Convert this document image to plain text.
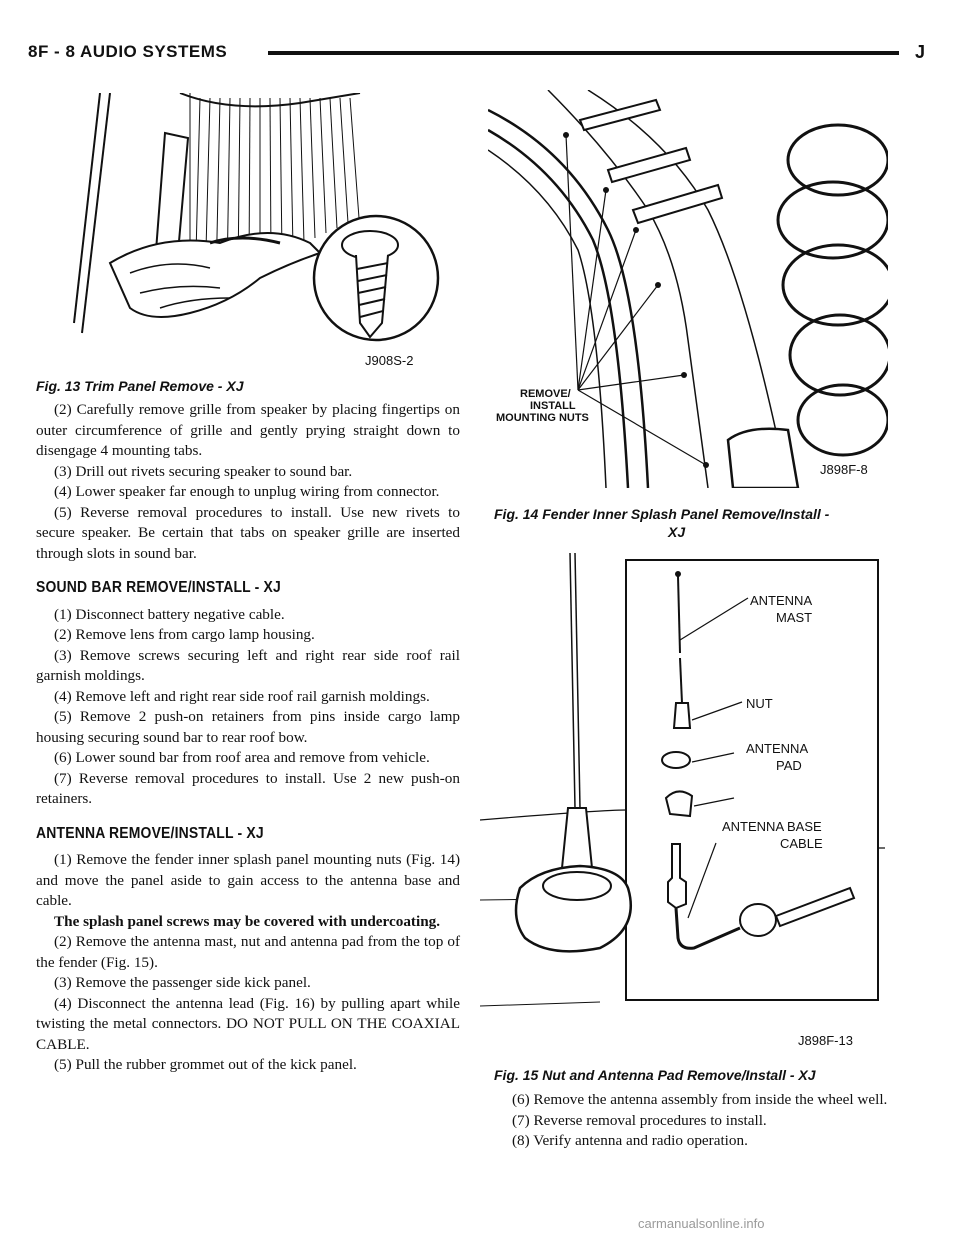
8F - 8 AUDIO SYSTEMS	J
J908S-2
Fig. 13 Trim Panel Remove - XJ	REMOVE/
INSTALL
MOUNTING NUTS
J898F-8
Fig. 14 Fender Inner Splash Panel Remove/Install -
XJ
ANTENNA
MAST
NUT
ANTENNA
PAD
ANTENNA BASE
CABLE
J898F-13
Fig. 15 Nut and Antenna Pad Remove/Install - XJ

(2) Carefully remove grille from speaker by placing fingertips on outer circumference of grille and gently prying straight down to disengage 4 mounting tabs.

(3) Drill out rivets securing speaker to sound bar.

(4) Lower speaker far enough to unplug wiring from connector.

(5) Reverse removal procedures to install. Use new rivets to secure speaker. Be certain that tabs on speaker grille are inserted through slots in sound bar.

SOUND BAR REMOVE/INSTALL - XJ

(1) Disconnect battery negative cable.

(2) Remove lens from cargo lamp housing.

(3) Remove screws securing left and right rear side roof rail garnish moldings.

(4) Remove left and right rear side roof rail garnish moldings.

(5) Remove 2 push-on retainers from pins inside cargo lamp housing securing sound bar to rear roof bow.

(6) Lower sound bar from roof area and remove from vehicle.

(7) Reverse removal procedures to install. Use 2 new push-on retainers.

ANTENNA REMOVE/INSTALL - XJ

(1) Remove the fender inner splash panel mounting nuts (Fig. 14) and move the panel aside to gain access to the antenna base and cable.

The splash panel screws may be covered with undercoating.

(2) Remove the antenna mast, nut and antenna pad from the top of the fender (Fig. 15).

(3) Remove the passenger side kick panel.

(4) Disconnect the antenna lead (Fig. 16) by pulling apart while twisting the metal connectors. DO NOT PULL ON THE COAXIAL CABLE.

(5) Pull the rubber grommet out of the kick panel.

(6) Remove the antenna assembly from inside the wheel well.

(7) Reverse removal procedures to install.

(8) Verify antenna and radio operation.

carmanualsonline.info
